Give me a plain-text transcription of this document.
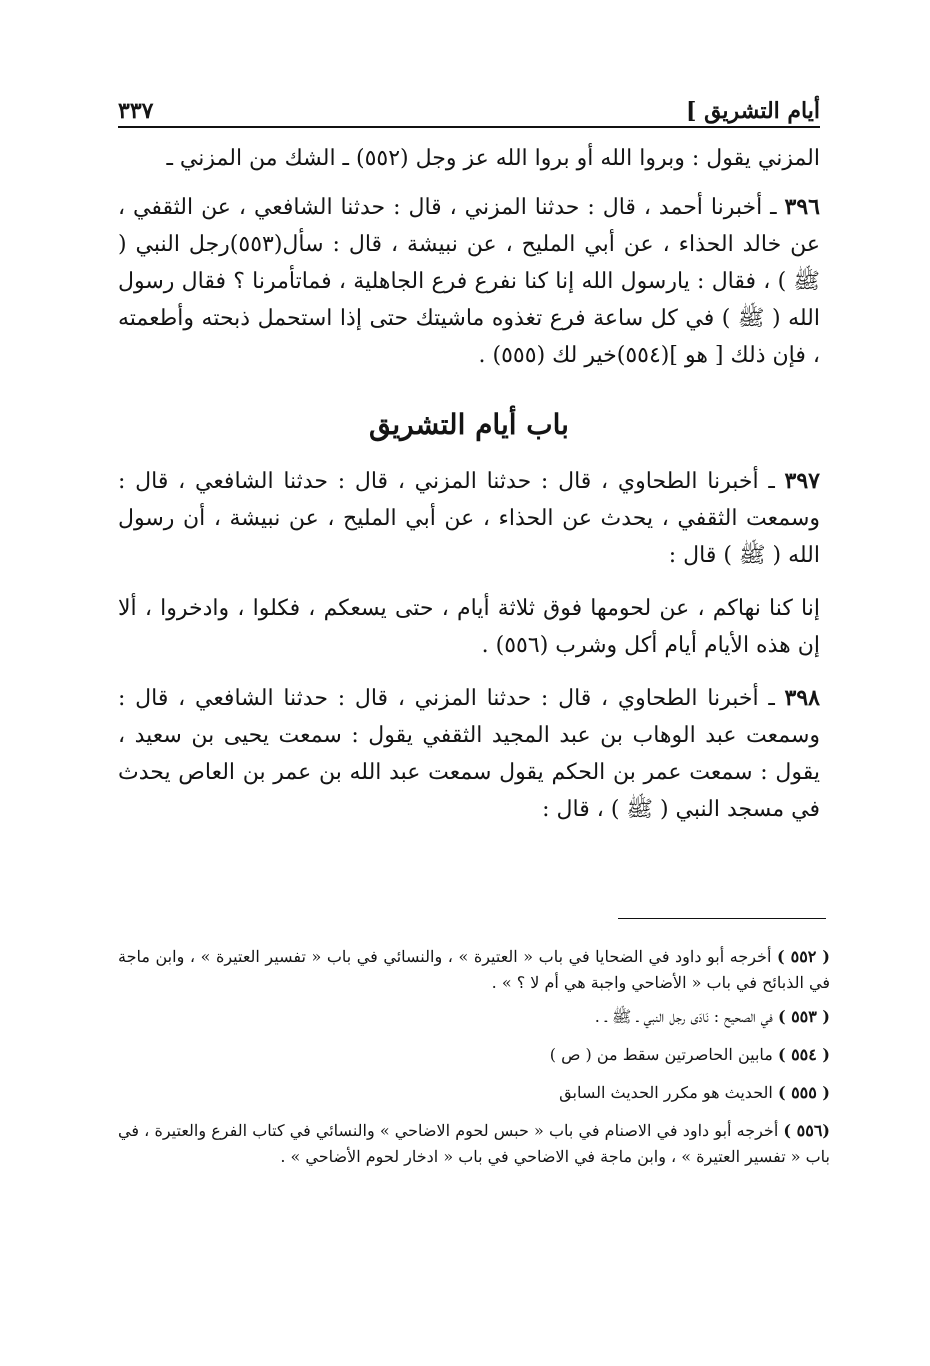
٣٣٧	أيام التشريق ]

المزني يقول : وبروا الله أو بروا الله عز وجل (٥٥٢) ـ الشك من المزني ـ

٣٩٦ ـ أخبرنا أحمد ، قال : حدثنا المزني ، قال : حدثنا الشافعي ، عن الثقفي ، عن خالد الحذاء ، عن أبي المليح ، عن نبيشة ، قال : سأل(٥٥٣)رجل النبي ( ﷺ ) ، فقال : يارسول الله إنا كنا نفرع فرع الجاهلية ، فماتأمرنا ؟ فقال رسول الله ( ﷺ ) في كل ساعة فرع تغذوه ماشيتك حتى إذا استحمل ذبحته وأطعمته ، فإن ذلك [ هو ](٥٥٤)خير لك (٥٥٥) .

باب أيام التشريق

٣٩٧ ـ أخبرنا الطحاوي ، قال : حدثنا المزني ، قال : حدثنا الشافعي ، قال : وسمعت الثقفي ، يحدث عن الحذاء ، عن أبي المليح ، عن نبيشة ، أن رسول الله ( ﷺ ) قال :

إنا كنا نهاكم ، عن لحومها فوق ثلاثة أيام ، حتى يسعكم ، فكلوا ، وادخروا ، ألا إن هذه الأيام أيام أكل وشرب (٥٥٦) .

٣٩٨ ـ أخبرنا الطحاوي ، قال : حدثنا المزني ، قال : حدثنا الشافعي ، قال : وسمعت عبد الوهاب بن عبد المجيد الثقفي يقول : سمعت يحيى بن سعيد ، يقول : سمعت عمر بن الحكم يقول سمعت عبد الله بن عمر بن العاص يحدث في مسجد النبي ( ﷺ ) ، قال :

( ٥٥٢ ) أخرجه أبو داود في الضحايا في باب « العتيرة » ، والنسائي في باب « تفسير العتيرة » ، وابن ماجة في الذبائح في باب « الأضاحي واجبة هي أم لا ؟ » .

( ٥٥٣ ) في الصحيح : نَادَى رجل النبي ـ ﷺ ـ .

( ٥٥٤ ) مابين الحاصرتين سقط من ( ص )

( ٥٥٥ ) الحديث هو مكرر الحديث السابق

(٥٥٦ ) أخرجه أبو داود في الاصنام في باب « حبس لحوم الاضاحي » والنسائي في كتاب الفرع والعتيرة ، في باب « تفسير العتيرة » ، وابن ماجة في الاضاحي في باب « ادخار لحوم الأضاحي » .
